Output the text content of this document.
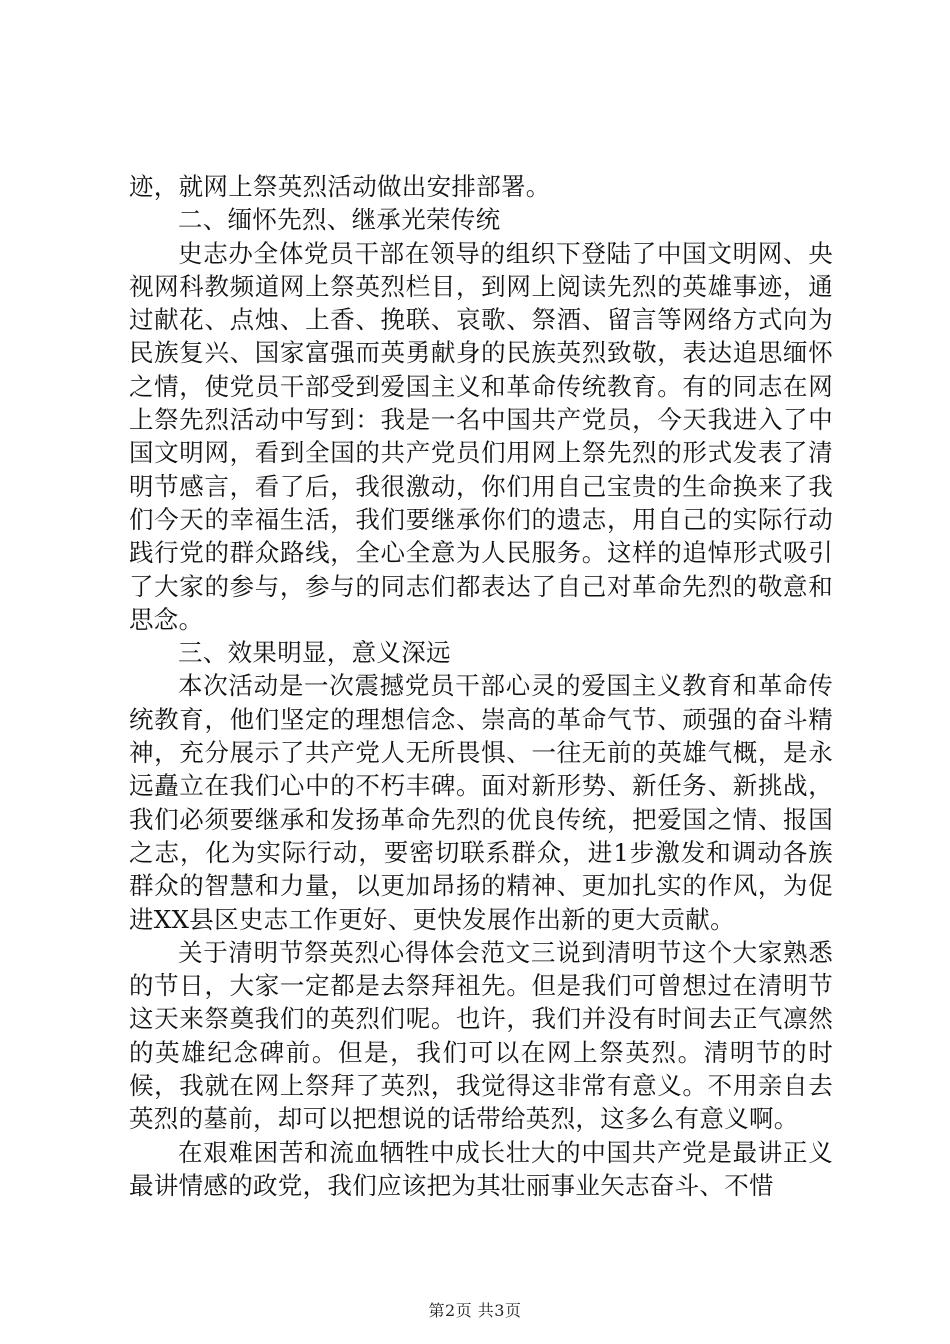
迹，就网上祭英烈活动做出安排部署。

二、缅怀先烈、继承光荣传统

史志办全体党员干部在领导的组织下登陆了中国文明网、央视网科教频道网上祭英烈栏目，到网上阅读先烈的英雄事迹，通过献花、点烛、上香、挽联、哀歌、祭酒、留言等网络方式向为民族复兴、国家富强而英勇献身的民族英烈致敬，表达追思缅怀之情，使党员干部受到爱国主义和革命传统教育。有的同志在网上祭先烈活动中写到：我是一名中国共产党员，今天我进入了中国文明网，看到全国的共产党员们用网上祭先烈的形式发表了清明节感言，看了后，我很激动，你们用自己宝贵的生命换来了我们今天的幸福生活，我们要继承你们的遗志，用自己的实际行动践行党的群众路线，全心全意为人民服务。这样的追悼形式吸引了大家的参与，参与的同志们都表达了自己对革命先烈的敬意和思念。

三、效果明显，意义深远

本次活动是一次震撼党员干部心灵的爱国主义教育和革命传统教育，他们坚定的理想信念、崇高的革命气节、顽强的奋斗精神，充分展示了共产党人无所畏惧、一往无前的英雄气概，是永远矗立在我们心中的不朽丰碑。面对新形势、新任务、新挑战，我们必须要继承和发扬革命先烈的优良传统，把爱国之情、报国之志，化为实际行动，要密切联系群众，进1步激发和调动各族群众的智慧和力量，以更加昂扬的精神、更加扎实的作风，为促进XX县区史志工作更好、更快发展作出新的更大贡献。

关于清明节祭英烈心得体会范文三说到清明节这个大家熟悉的节日，大家一定都是去祭拜祖先。但是我们可曾想过在清明节这天来祭奠我们的英烈们呢。也许，我们并没有时间去正气凛然的英雄纪念碑前。但是，我们可以在网上祭英烈。清明节的时候，我就在网上祭拜了英烈，我觉得这非常有意义。不用亲自去英烈的墓前，却可以把想说的话带给英烈，这多么有意义啊。

在艰难困苦和流血牺牲中成长壮大的中国共产党是最讲正义最讲情感的政党，我们应该把为其壮丽事业矢志奋斗、不惜

第2页 共3页
